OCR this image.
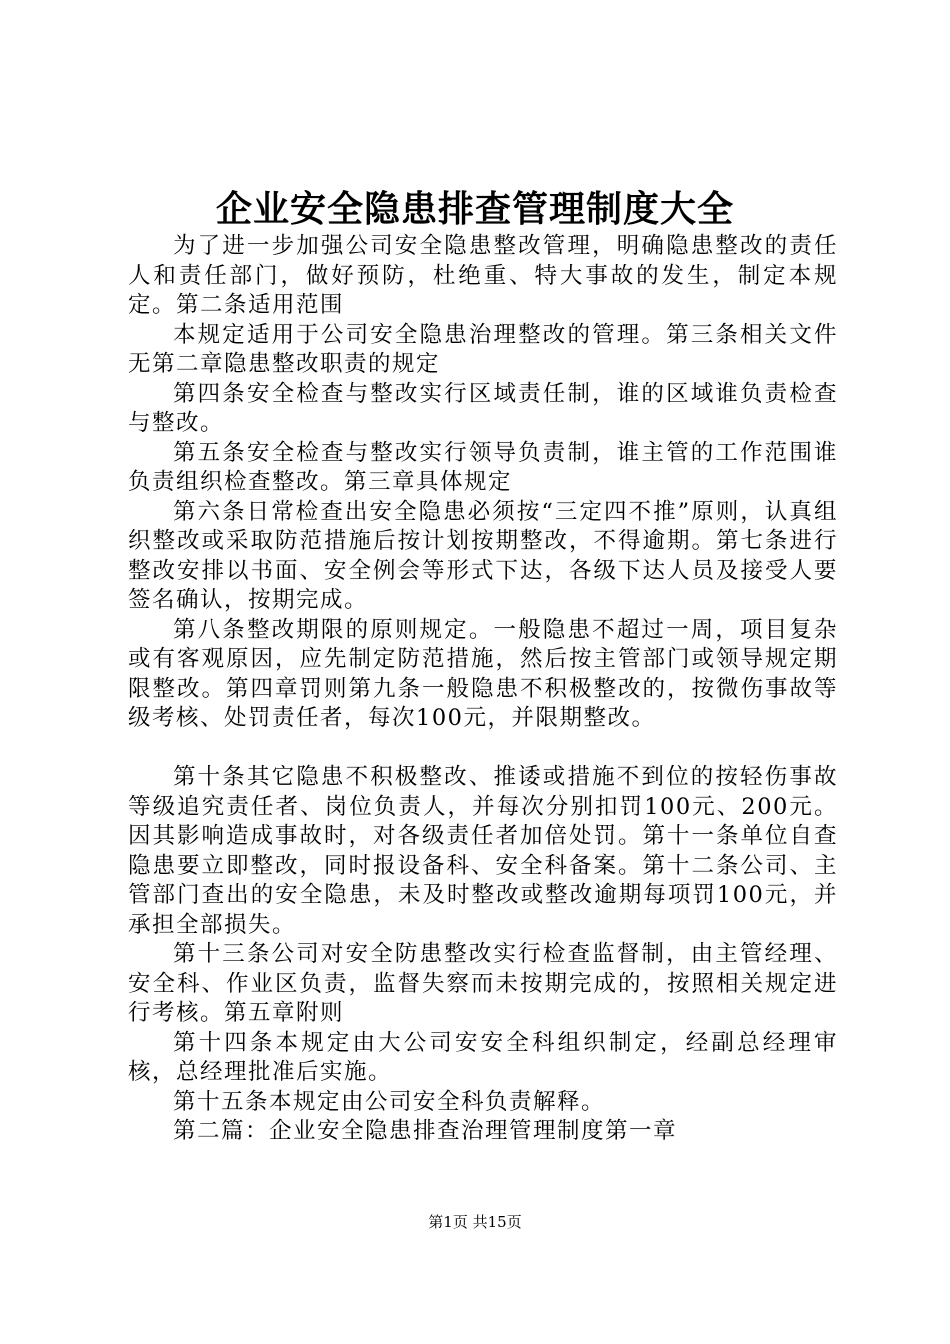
企业安全隐患排查管理制度大全

为了进一步加强公司安全隐患整改管理，明确隐患整改的责任人和责任部门，做好预防，杜绝重、特大事故的发生，制定本规定。第二条适用范围

本规定适用于公司安全隐患治理整改的管理。第三条相关文件无第二章隐患整改职责的规定

第四条安全检查与整改实行区域责任制，谁的区域谁负责检查与整改。

第五条安全检查与整改实行领导负责制，谁主管的工作范围谁负责组织检查整改。第三章具体规定

第六条日常检查出安全隐患必须按“三定四不推”原则，认真组织整改或采取防范措施后按计划按期整改，不得逾期。第七条进行整改安排以书面、安全例会等形式下达，各级下达人员及接受人要签名确认，按期完成。

第八条整改期限的原则规定。一般隐患不超过一周，项目复杂或有客观原因，应先制定防范措施，然后按主管部门或领导规定期限整改。第四章罚则第九条一般隐患不积极整改的，按微伤事故等级考核、处罚责任者，每次100元，并限期整改。

第十条其它隐患不积极整改、推诿或措施不到位的按轻伤事故等级追究责任者、岗位负责人，并每次分别扣罚100元、200元。因其影响造成事故时，对各级责任者加倍处罚。第十一条单位自查隐患要立即整改，同时报设备科、安全科备案。第十二条公司、主管部门查出的安全隐患，未及时整改或整改逾期每项罚100元，并承担全部损失。

第十三条公司对安全防患整改实行检查监督制，由主管经理、安全科、作业区负责，监督失察而未按期完成的，按照相关规定进行考核。第五章附则

第十四条本规定由大公司安安全科组织制定，经副总经理审核，总经理批准后实施。

第十五条本规定由公司安全科负责解释。

第二篇：企业安全隐患排查治理管理制度第一章

第1页 共15页
